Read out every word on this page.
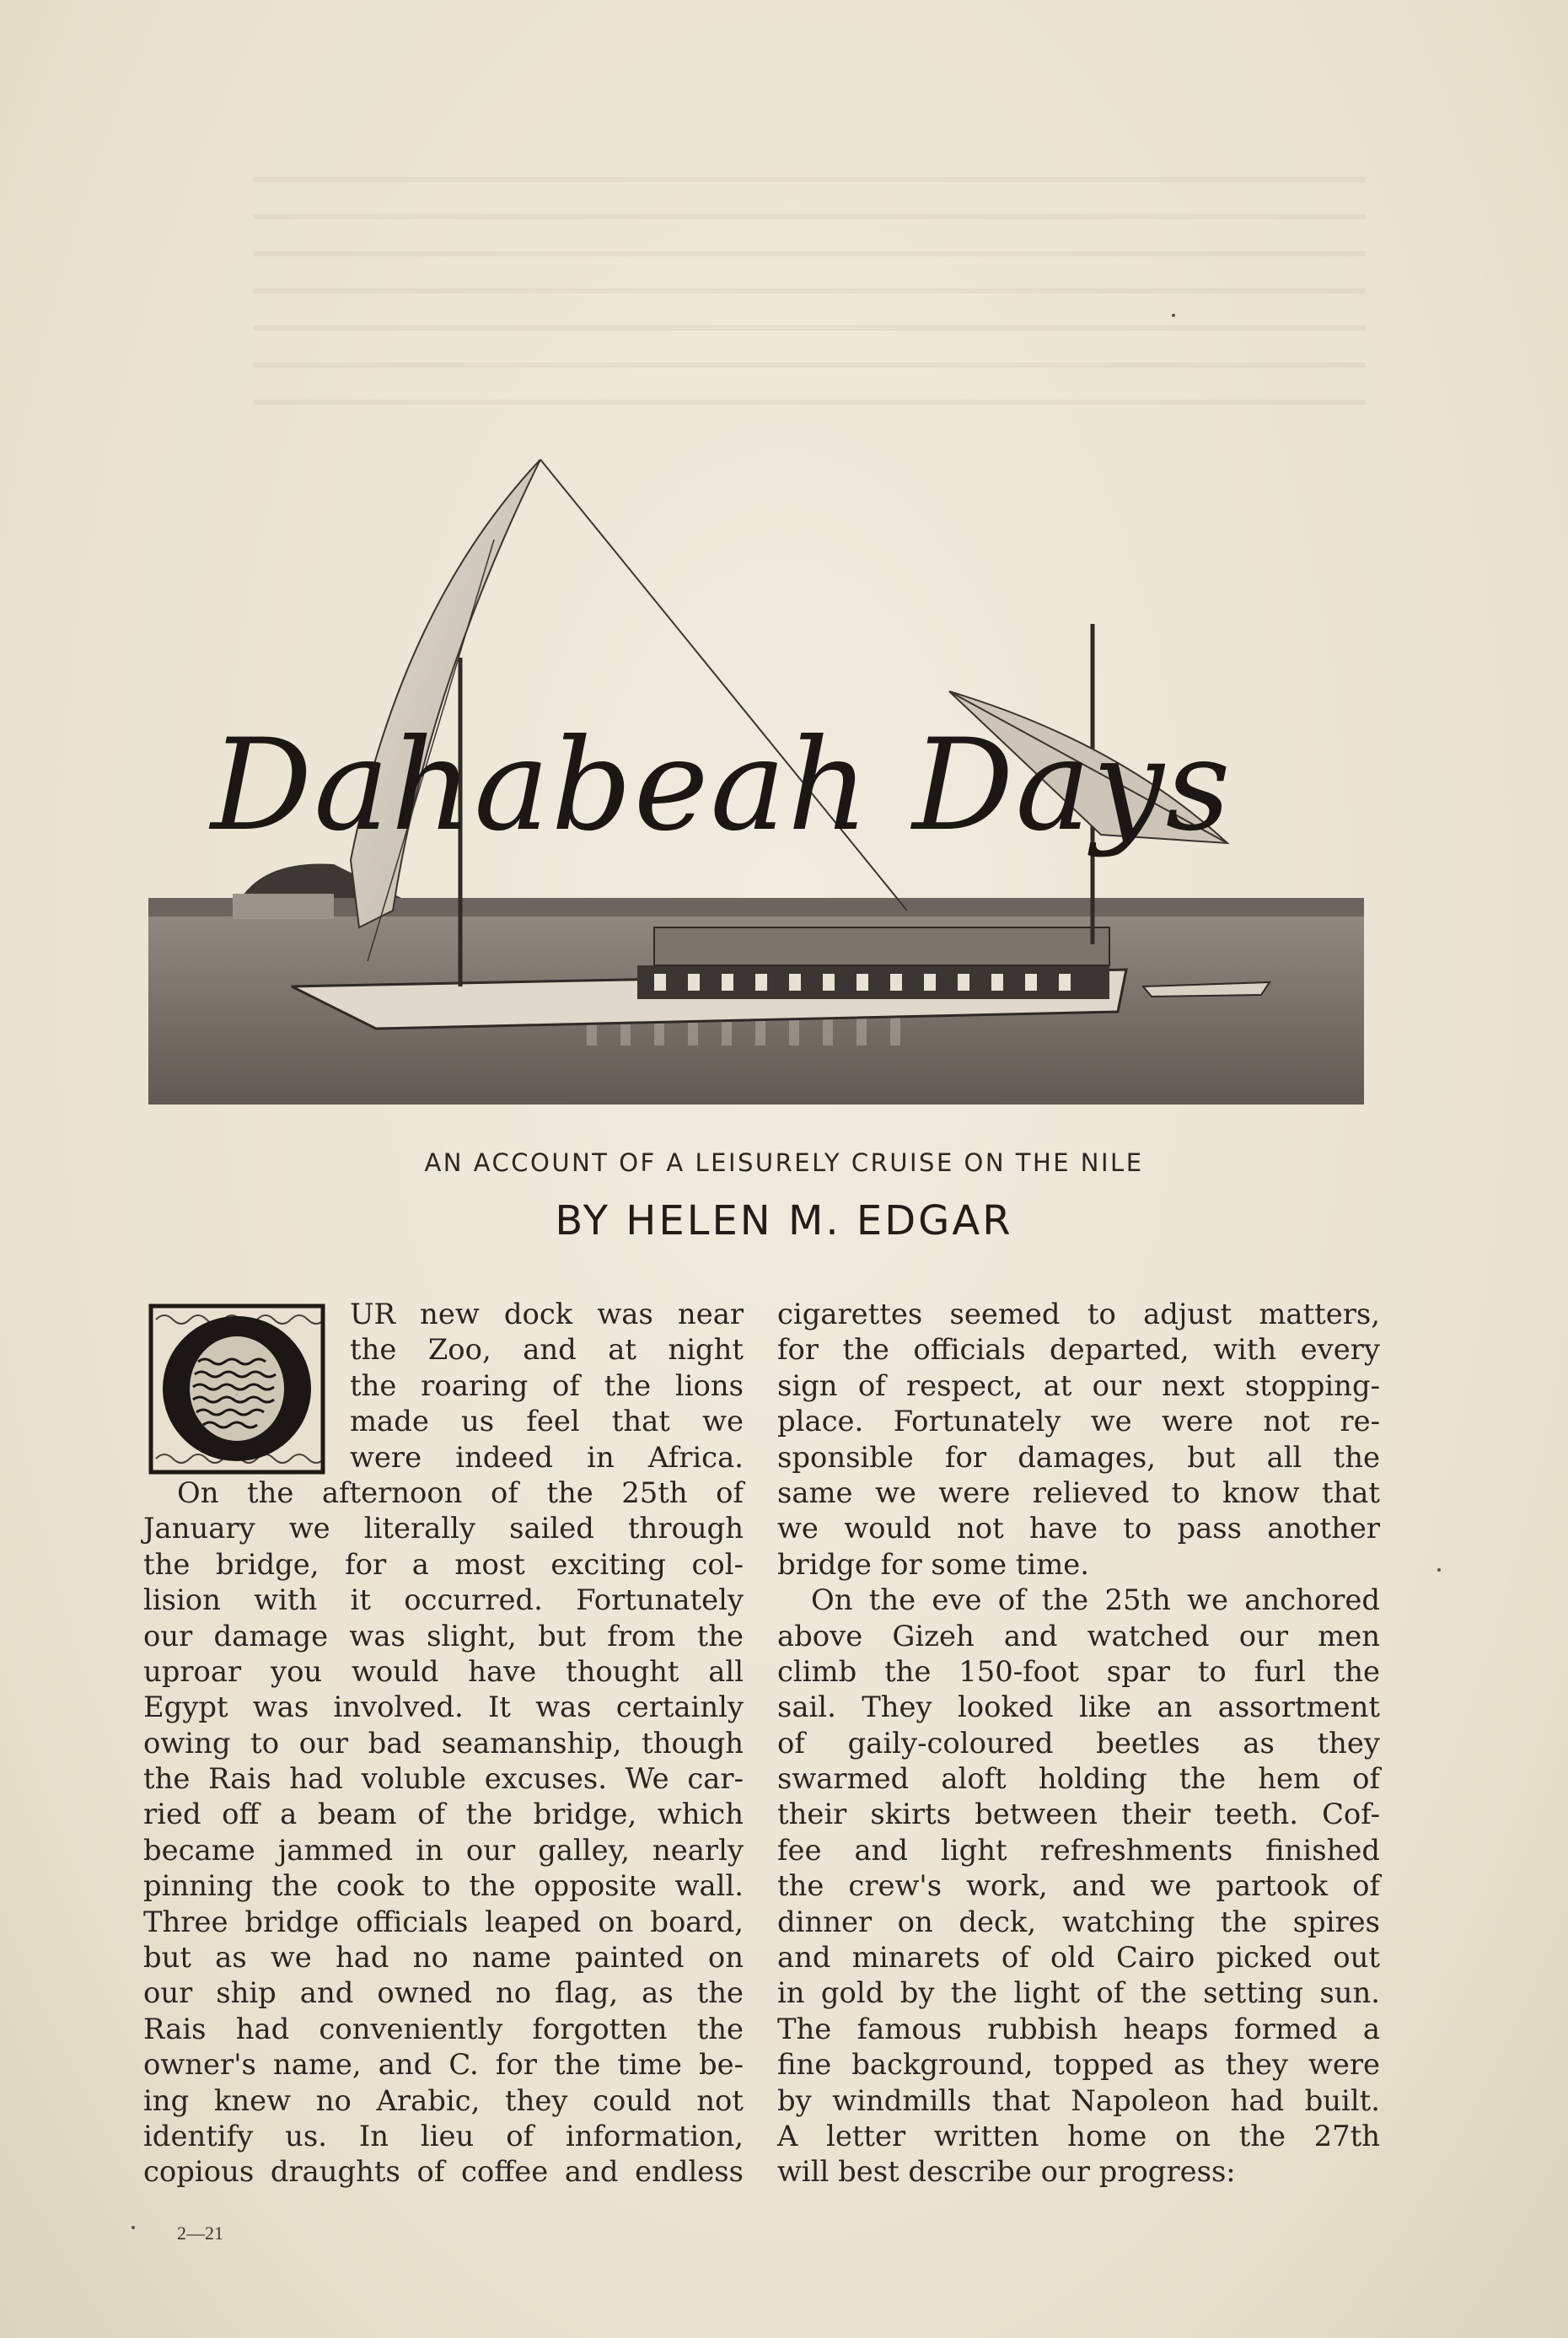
Dahabeah Days
AN ACCOUNT OF A LEISURELY CRUISE ON THE NILE
BY HELEN M. EDGAR
O
UR new dock was near
the Zoo, and at night
the roaring of the lions
made us feel that we
were indeed in Africa.
On the afternoon of the 25th of
January we literally sailed through
the bridge, for a most exciting col-
lision with it occurred. Fortunately
our damage was slight, but from the
uproar you would have thought all
Egypt was involved. It was certainly
owing to our bad seamanship, though
the Rais had voluble excuses. We car-
ried off a beam of the bridge, which
became jammed in our galley, nearly
pinning the cook to the opposite wall.
Three bridge officials leaped on board,
but as we had no name painted on
our ship and owned no flag, as the
Rais had conveniently forgotten the
owner's name, and C. for the time be-
ing knew no Arabic, they could not
identify us. In lieu of information,
copious draughts of coffee and endless
cigarettes seemed to adjust matters,
for the officials departed, with every
sign of respect, at our next stopping-
place. Fortunately we were not re-
sponsible for damages, but all the
same we were relieved to know that
we would not have to pass another
bridge for some time.
On the eve of the 25th we anchored
above Gizeh and watched our men
climb the 150-foot spar to furl the
sail. They looked like an assortment
of gaily-coloured beetles as they
swarmed aloft holding the hem of
their skirts between their teeth. Cof-
fee and light refreshments finished
the crew's work, and we partook of
dinner on deck, watching the spires
and minarets of old Cairo picked out
in gold by the light of the setting sun.
The famous rubbish heaps formed a
fine background, topped as they were
by windmills that Napoleon had built.
A letter written home on the 27th
will best describe our progress:
2—21
